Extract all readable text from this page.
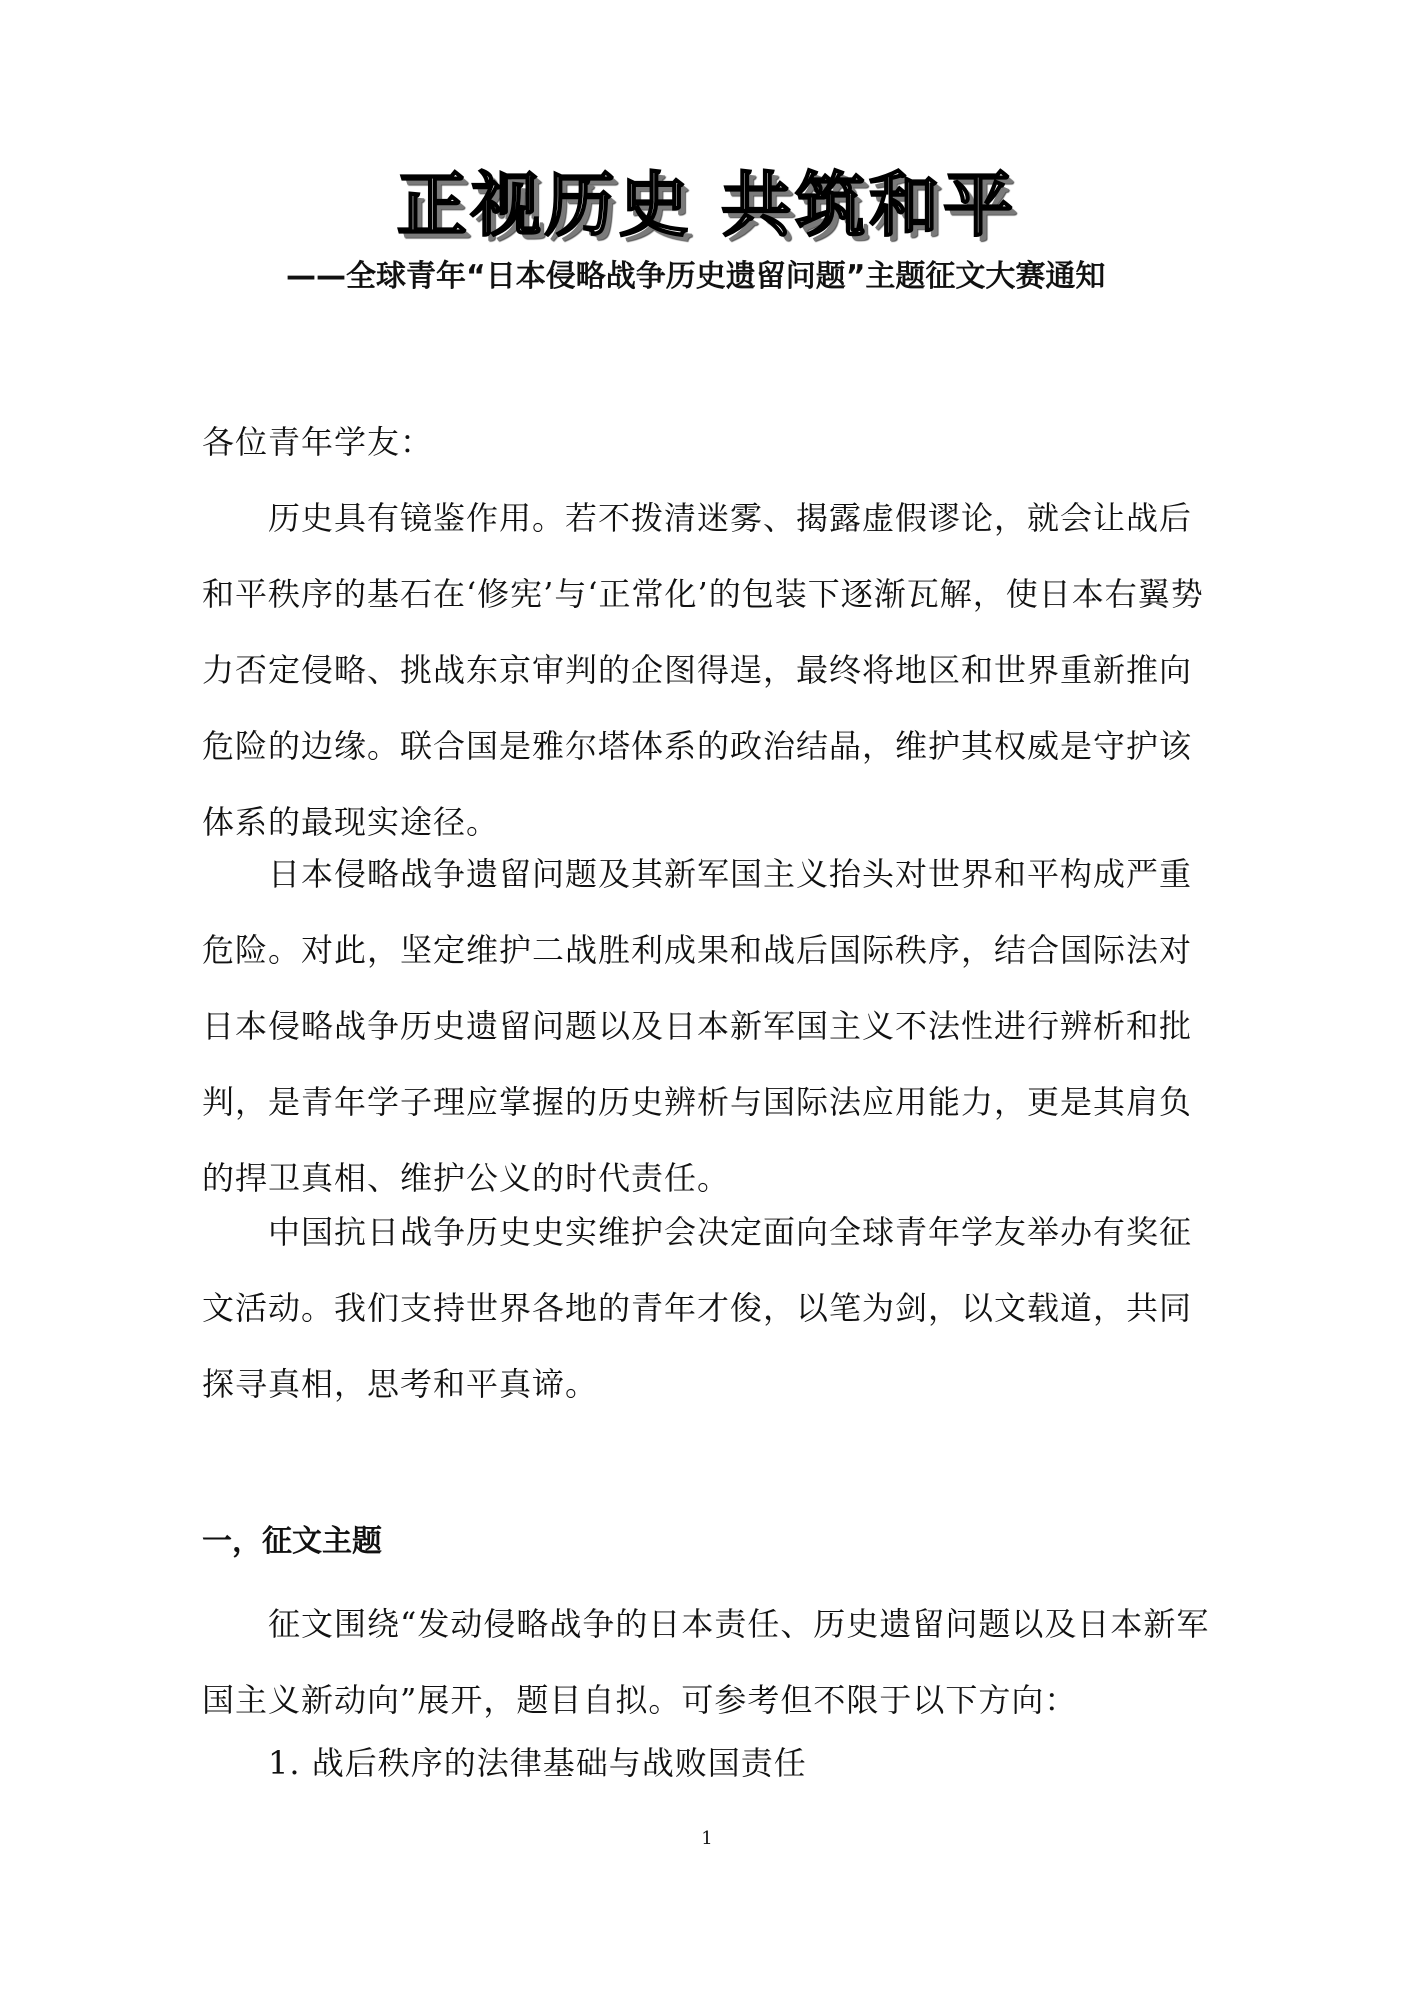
正视历史 共筑和平
——全球青年“日本侵略战争历史遗留问题”主题征文大赛通知

各位青年学友：

历史具有镜鉴作用。若不拨清迷雾、揭露虚假谬论，就会让战后和平秩序的基石在‘修宪’与‘正常化’的包装下逐渐瓦解，使日本右翼势力否定侵略、挑战东京审判的企图得逞，最终将地区和世界重新推向危险的边缘。联合国是雅尔塔体系的政治结晶，维护其权威是守护该体系的最现实途径。

日本侵略战争遗留问题及其新军国主义抬头对世界和平构成严重危险。对此，坚定维护二战胜利成果和战后国际秩序，结合国际法对日本侵略战争历史遗留问题以及日本新军国主义不法性进行辨析和批判，是青年学子理应掌握的历史辨析与国际法应用能力，更是其肩负的捍卫真相、维护公义的时代责任。

中国抗日战争历史史实维护会决定面向全球青年学友举办有奖征文活动。我们支持世界各地的青年才俊，以笔为剑，以文载道，共同探寻真相，思考和平真谛。

一，征文主题

征文围绕“发动侵略战争的日本责任、历史遗留问题以及日本新军国主义新动向”展开，题目自拟。可参考但不限于以下方向：

1. 战后秩序的法律基础与战败国责任
1
